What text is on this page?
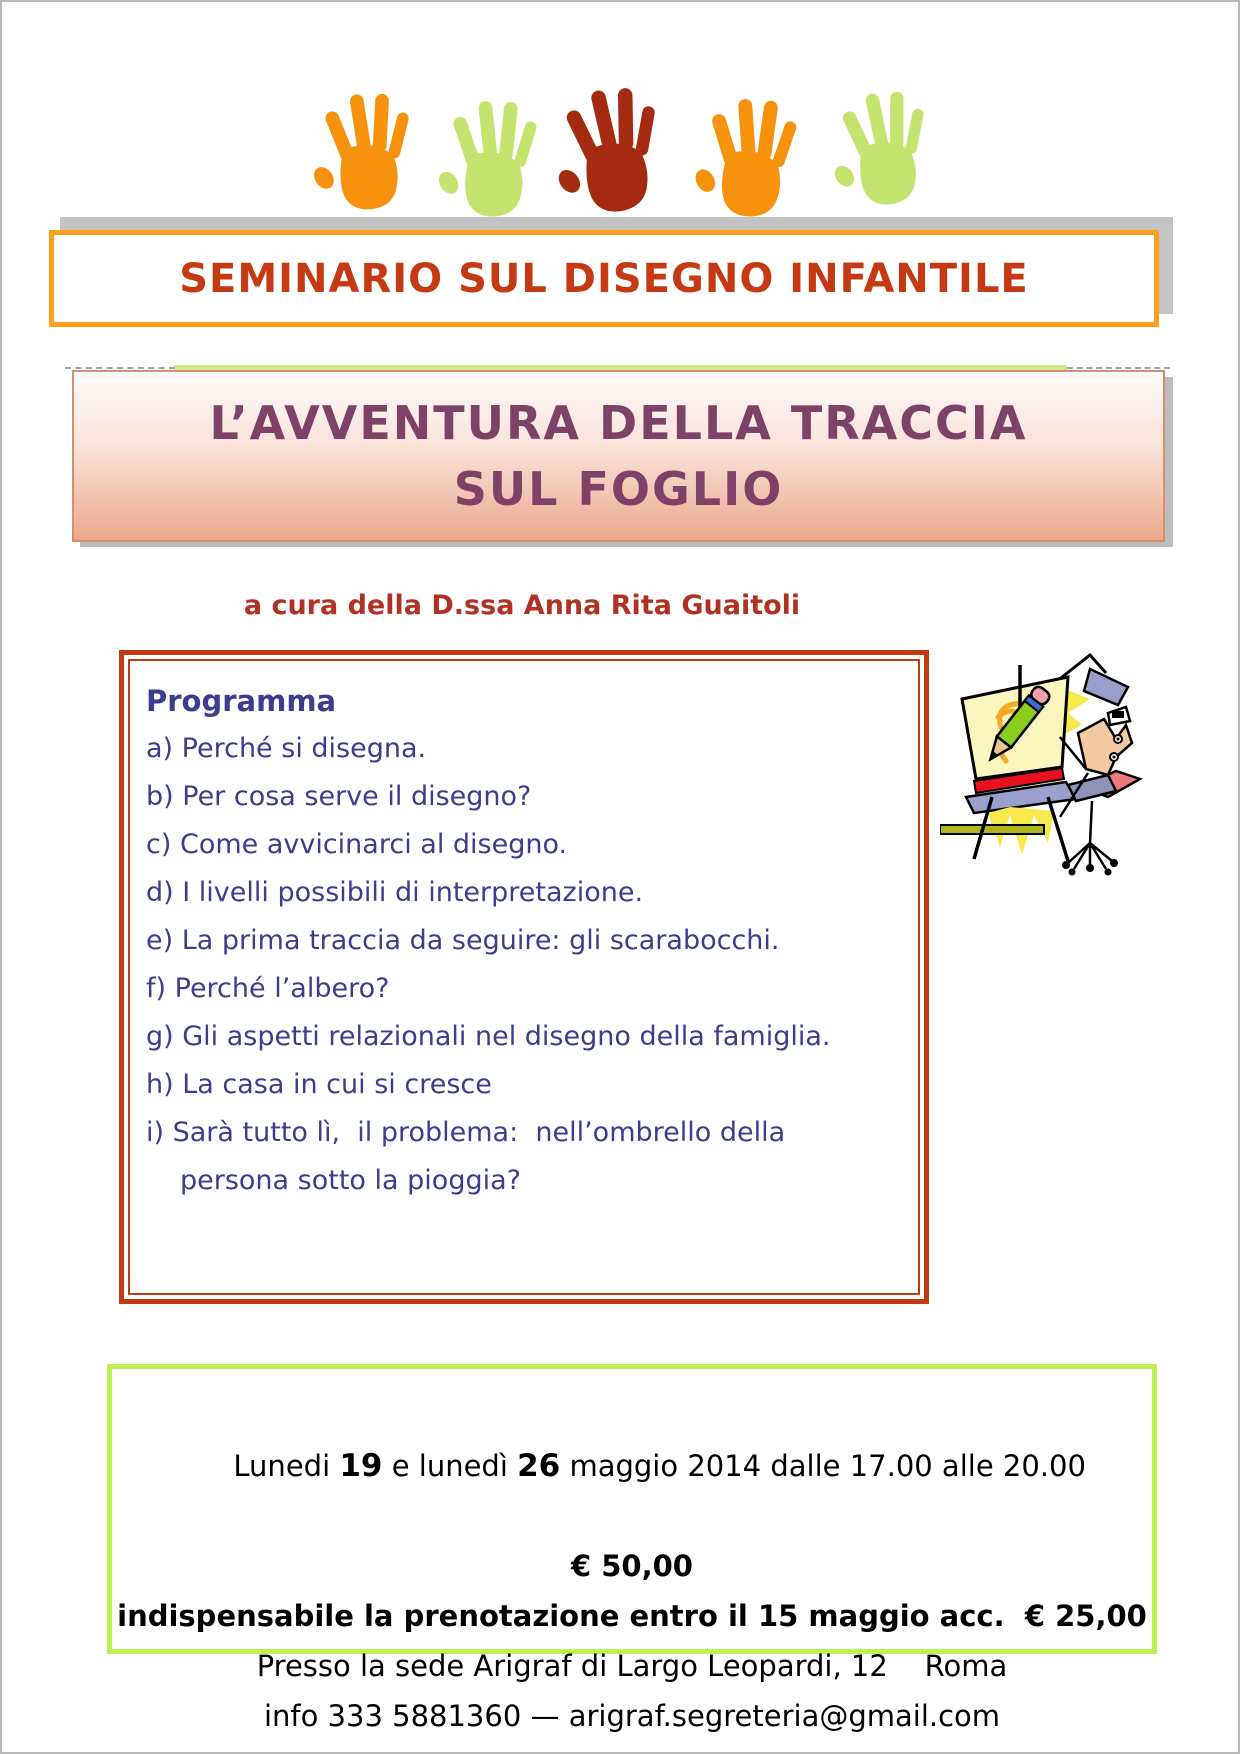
SEMINARIO SUL DISEGNO INFANTILE
L’AVVENTURA DELLA TRACCIA
SUL FOGLIO
a cura della D.ssa Anna Rita Guaitoli
Programma
a) Perché si disegna.
b) Per cosa serve il disegno?
c) Come avvicinarci al disegno.
d) I livelli possibili di interpretazione.
e) La prima traccia da seguire: gli scarabocchi.
f) Perché l’albero?
g) Gli aspetti relazionali nel disegno della famiglia.
h) La casa in cui si cresce
i) Sarà tutto lì,  il problema:  nell’ombrello della
persona sotto la pioggia?

Lunedi 19 e lunedì 26 maggio 2014 dalle 17.00 alle 20.00

€ 50,00
indispensabile la prenotazione entro il 15 maggio acc.  € 25,00
Presso la sede Arigraf di Largo Leopardi, 12    Roma
info 333 5881360 — arigraf.segreteria@gmail.com
